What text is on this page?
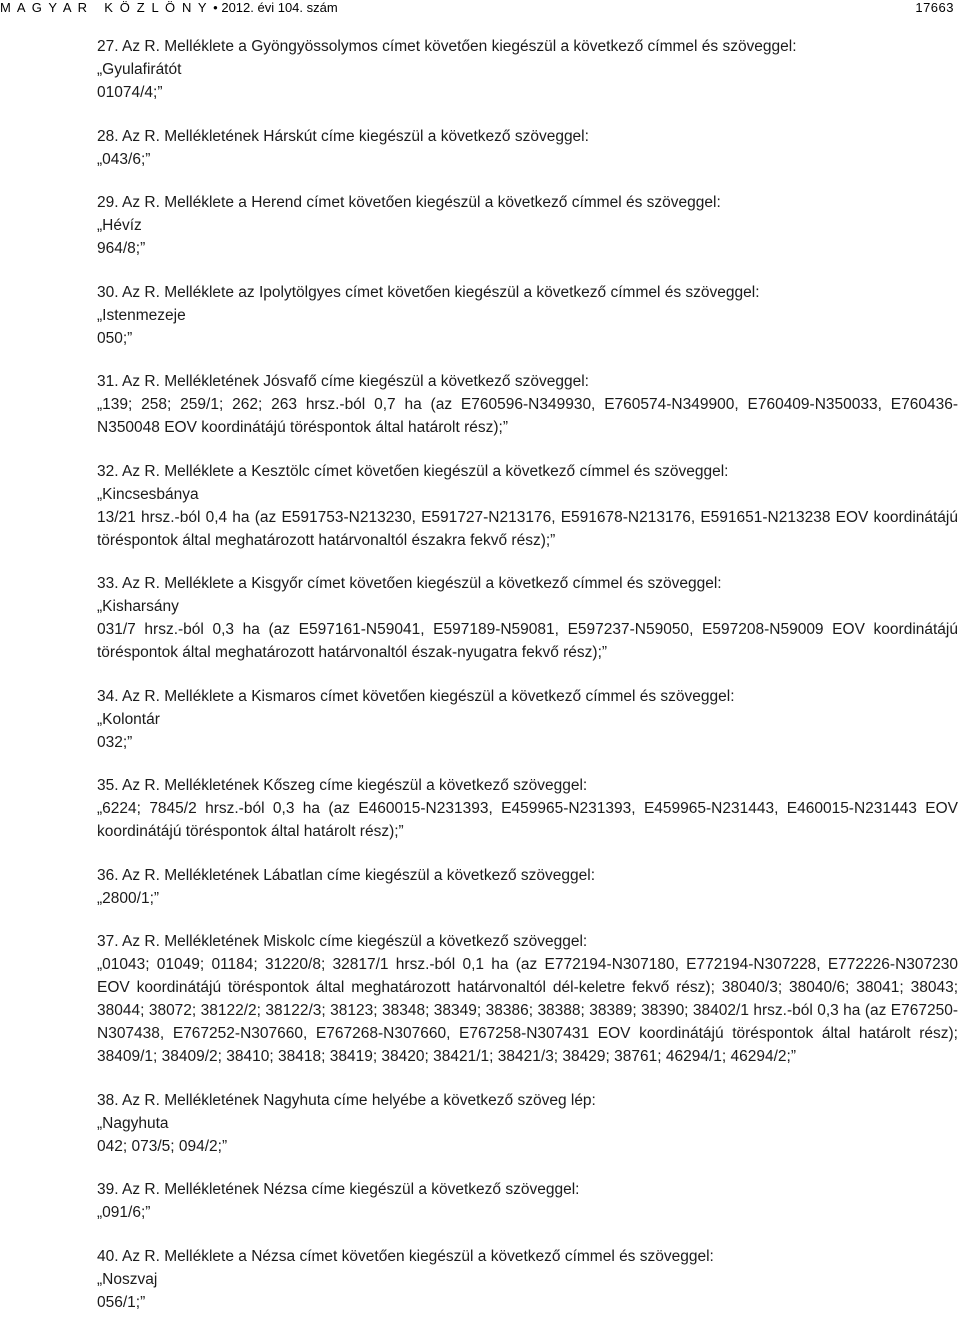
M A G Y A R   K Ö Z L Ö N Y • 2012. évi 104. szám	17663
27. Az R. Melléklete a Gyöngyössolymos címet követően kiegészül a következő címmel és szöveggel:
„Gyulafirátót
01074/4;”
28. Az R. Mellékletének Hárskút címe kiegészül a következő szöveggel:
„043/6;”
29. Az R. Melléklete a Herend címet követően kiegészül a következő címmel és szöveggel:
„Hévíz
964/8;”
30. Az R. Melléklete az Ipolytölgyes címet követően kiegészül a következő címmel és szöveggel:
„Istenmezeje
050;”
31. Az R. Mellékletének Jósvafő címe kiegészül a következő szöveggel:
„139; 258; 259/1; 262; 263 hrsz.-ból 0,7 ha (az E760596-N349930, E760574-N349900, E760409-N350033, E760436-N350048 EOV koordinátájú töréspontok által határolt rész);”
32. Az R. Melléklete a Kesztölc címet követően kiegészül a következő címmel és szöveggel:
„Kincsesbánya
13/21 hrsz.-ból 0,4 ha (az E591753-N213230, E591727-N213176, E591678-N213176, E591651-N213238 EOV koordinátájú töréspontok által meghatározott határvonaltól északra fekvő rész);”
33. Az R. Melléklete a Kisgyőr címet követően kiegészül a következő címmel és szöveggel:
„Kisharsány
031/7 hrsz.-ból 0,3 ha (az E597161-N59041, E597189-N59081, E597237-N59050, E597208-N59009 EOV koordinátájú töréspontok által meghatározott határvonaltól észak-nyugatra fekvő rész);”
34. Az R. Melléklete a Kismaros címet követően kiegészül a következő címmel és szöveggel:
„Kolontár
032;”
35. Az R. Mellékletének Kőszeg címe kiegészül a következő szöveggel:
„6224; 7845/2 hrsz.-ból 0,3 ha (az E460015-N231393, E459965-N231393, E459965-N231443, E460015-N231443 EOV koordinátájú töréspontok által határolt rész);”
36. Az R. Mellékletének Lábatlan címe kiegészül a következő szöveggel:
„2800/1;”
37. Az R. Mellékletének Miskolc címe kiegészül a következő szöveggel:
„01043; 01049; 01184; 31220/8; 32817/1 hrsz.-ból 0,1 ha (az E772194-N307180, E772194-N307228, E772226-N307230 EOV koordinátájú töréspontok által meghatározott határvonaltól dél-keletre fekvő rész); 38040/3; 38040/6; 38041; 38043; 38044; 38072; 38122/2; 38122/3; 38123; 38348; 38349; 38386; 38388; 38389; 38390; 38402/1 hrsz.-ból 0,3 ha (az E767250-N307438, E767252-N307660, E767268-N307660, E767258-N307431 EOV koordinátájú töréspontok által határolt rész); 38409/1; 38409/2; 38410; 38418; 38419; 38420; 38421/1; 38421/3; 38429; 38761; 46294/1; 46294/2;”
38. Az R. Mellékletének Nagyhuta címe helyébe a következő szöveg lép:
„Nagyhuta
042; 073/5; 094/2;”
39. Az R. Mellékletének Nézsa címe kiegészül a következő szöveggel:
„091/6;”
40. Az R. Melléklete a Nézsa címet követően kiegészül a következő címmel és szöveggel:
„Noszvaj
056/1;”
